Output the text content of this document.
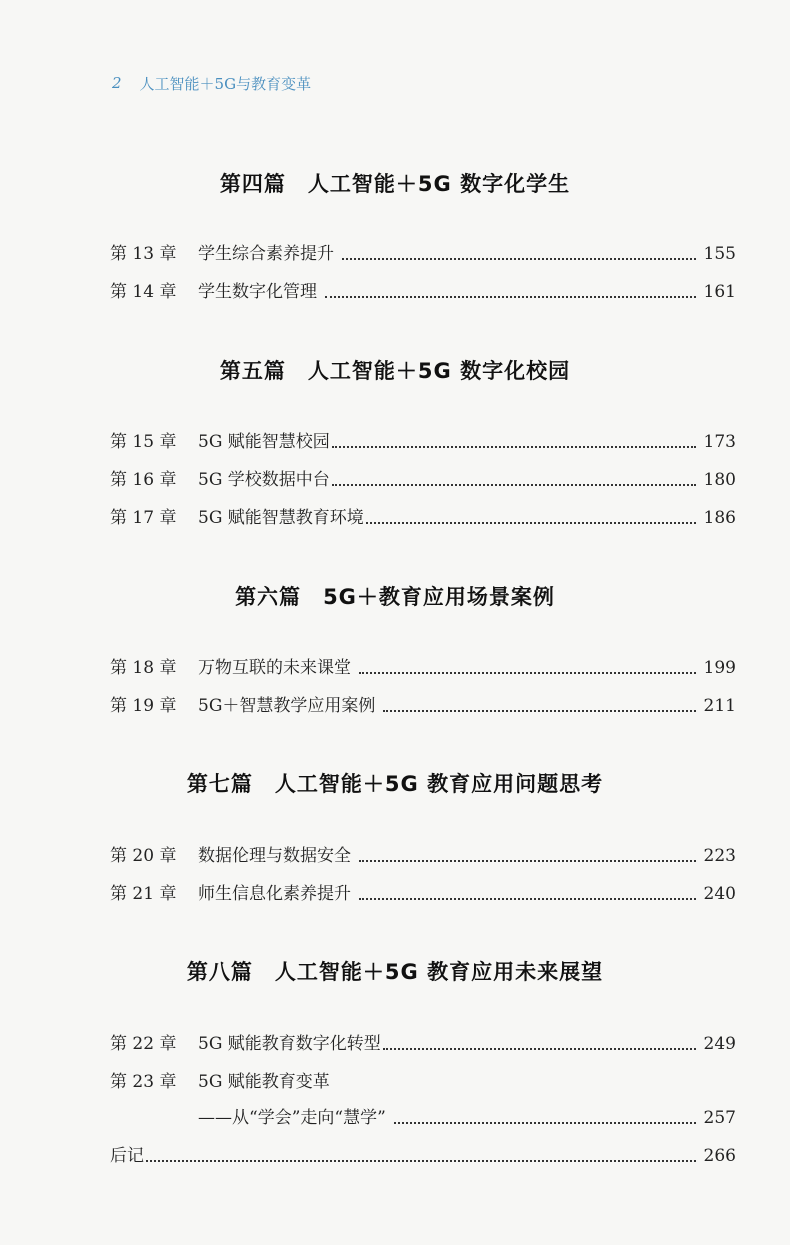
2 人工智能＋5G与教育变革
第四篇 人工智能＋5G 数字化学生
第 13 章	学生综合素养提升	155
第 14 章	学生数字化管理	161
第五篇 人工智能＋5G 数字化校园
第 15 章	5G 赋能智慧校园	173
第 16 章	5G 学校数据中台	180
第 17 章	5G 赋能智慧教育环境	186
第六篇 5G＋教育应用场景案例
第 18 章	万物互联的未来课堂	199
第 19 章	5G＋智慧教学应用案例	211
第七篇 人工智能＋5G 教育应用问题思考
第 20 章	数据伦理与数据安全	223
第 21 章	师生信息化素养提升	240
第八篇 人工智能＋5G 教育应用未来展望
第 22 章	5G 赋能教育数字化转型	249
第 23 章	5G 赋能教育变革
——从“学会”走向“慧学”	257
后记	266
